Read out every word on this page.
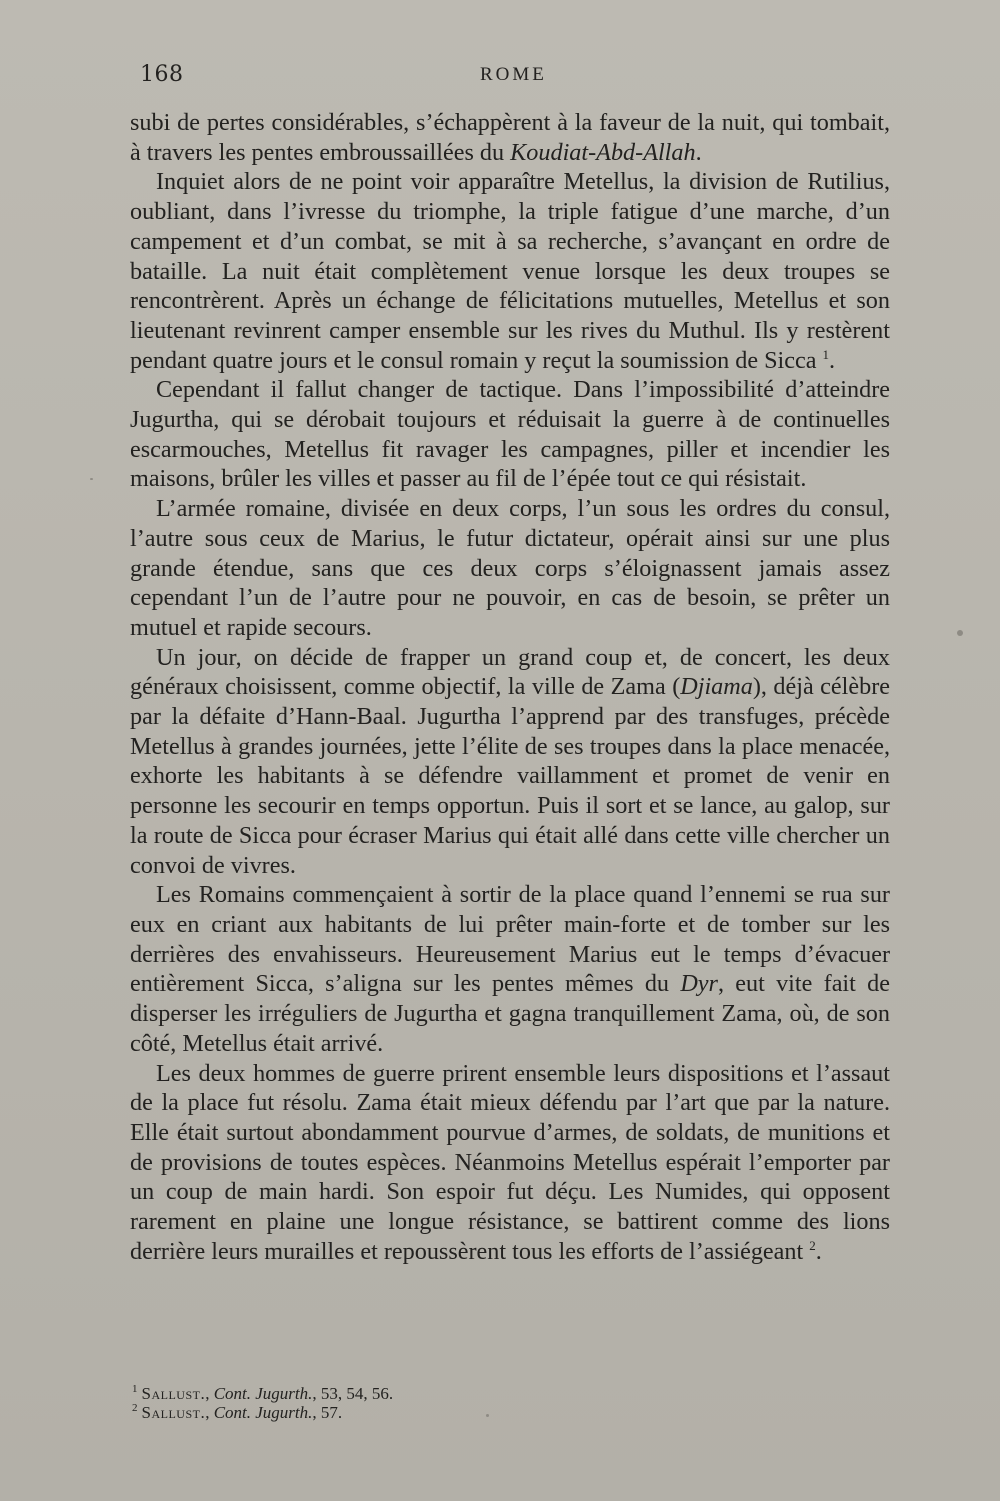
168	ROME

subi de pertes considérables, s’échappèrent à la faveur de la nuit, qui tombait, à travers les pentes embroussaillées du Koudiat-Abd-Allah.

Inquiet alors de ne point voir apparaître Metellus, la division de Rutilius, oubliant, dans l’ivresse du triomphe, la triple fatigue d’une marche, d’un campement et d’un combat, se mit à sa recherche, s’avançant en ordre de bataille. La nuit était complètement venue lorsque les deux troupes se rencontrèrent. Après un échange de félicitations mutuelles, Metellus et son lieutenant revinrent camper ensemble sur les rives du Muthul. Ils y restèrent pendant quatre jours et le consul romain y reçut la soumission de Sicca $^1$.

Cependant il fallut changer de tactique. Dans l’impossibilité d’atteindre Jugurtha, qui se dérobait toujours et réduisait la guerre à de continuelles escarmouches, Metellus fit ravager les campagnes, piller et incendier les maisons, brûler les villes et passer au fil de l’épée tout ce qui résistait.

L’armée romaine, divisée en deux corps, l’un sous les ordres du consul, l’autre sous ceux de Marius, le futur dictateur, opérait ainsi sur une plus grande étendue, sans que ces deux corps s’éloignassent jamais assez cependant l’un de l’autre pour ne pouvoir, en cas de besoin, se prêter un mutuel et rapide secours.

Un jour, on décide de frapper un grand coup et, de concert, les deux généraux choisissent, comme objectif, la ville de Zama (Djiama), déjà célèbre par la défaite d’Hann-Baal. Jugurtha l’apprend par des transfuges, précède Metellus à grandes journées, jette l’élite de ses troupes dans la place menacée, exhorte les habitants à se défendre vaillamment et promet de venir en personne les secourir en temps opportun. Puis il sort et se lance, au galop, sur la route de Sicca pour écraser Marius qui était allé dans cette ville chercher un convoi de vivres.

Les Romains commençaient à sortir de la place quand l’ennemi se rua sur eux en criant aux habitants de lui prêter main-forte et de tomber sur les derrières des envahisseurs. Heureusement Marius eut le temps d’évacuer entièrement Sicca, s’aligna sur les pentes mêmes du Dyr, eut vite fait de disperser les irréguliers de Jugurtha et gagna tranquillement Zama, où, de son côté, Metellus était arrivé.

Les deux hommes de guerre prirent ensemble leurs dispositions et l’assaut de la place fut résolu. Zama était mieux défendu par l’art que par la nature. Elle était surtout abondamment pourvue d’armes, de soldats, de munitions et de provisions de toutes espèces. Néanmoins Metellus espérait l’emporter par un coup de main hardi. Son espoir fut déçu. Les Numides, qui opposent rarement en plaine une longue résistance, se battirent comme des lions derrière leurs murailles et repoussèrent tous les efforts de l’assiégeant $^2$.

$^1$ Sallust., Cont. Jugurth., 53, 54, 56.
$^2$ Sallust., Cont. Jugurth., 57.
